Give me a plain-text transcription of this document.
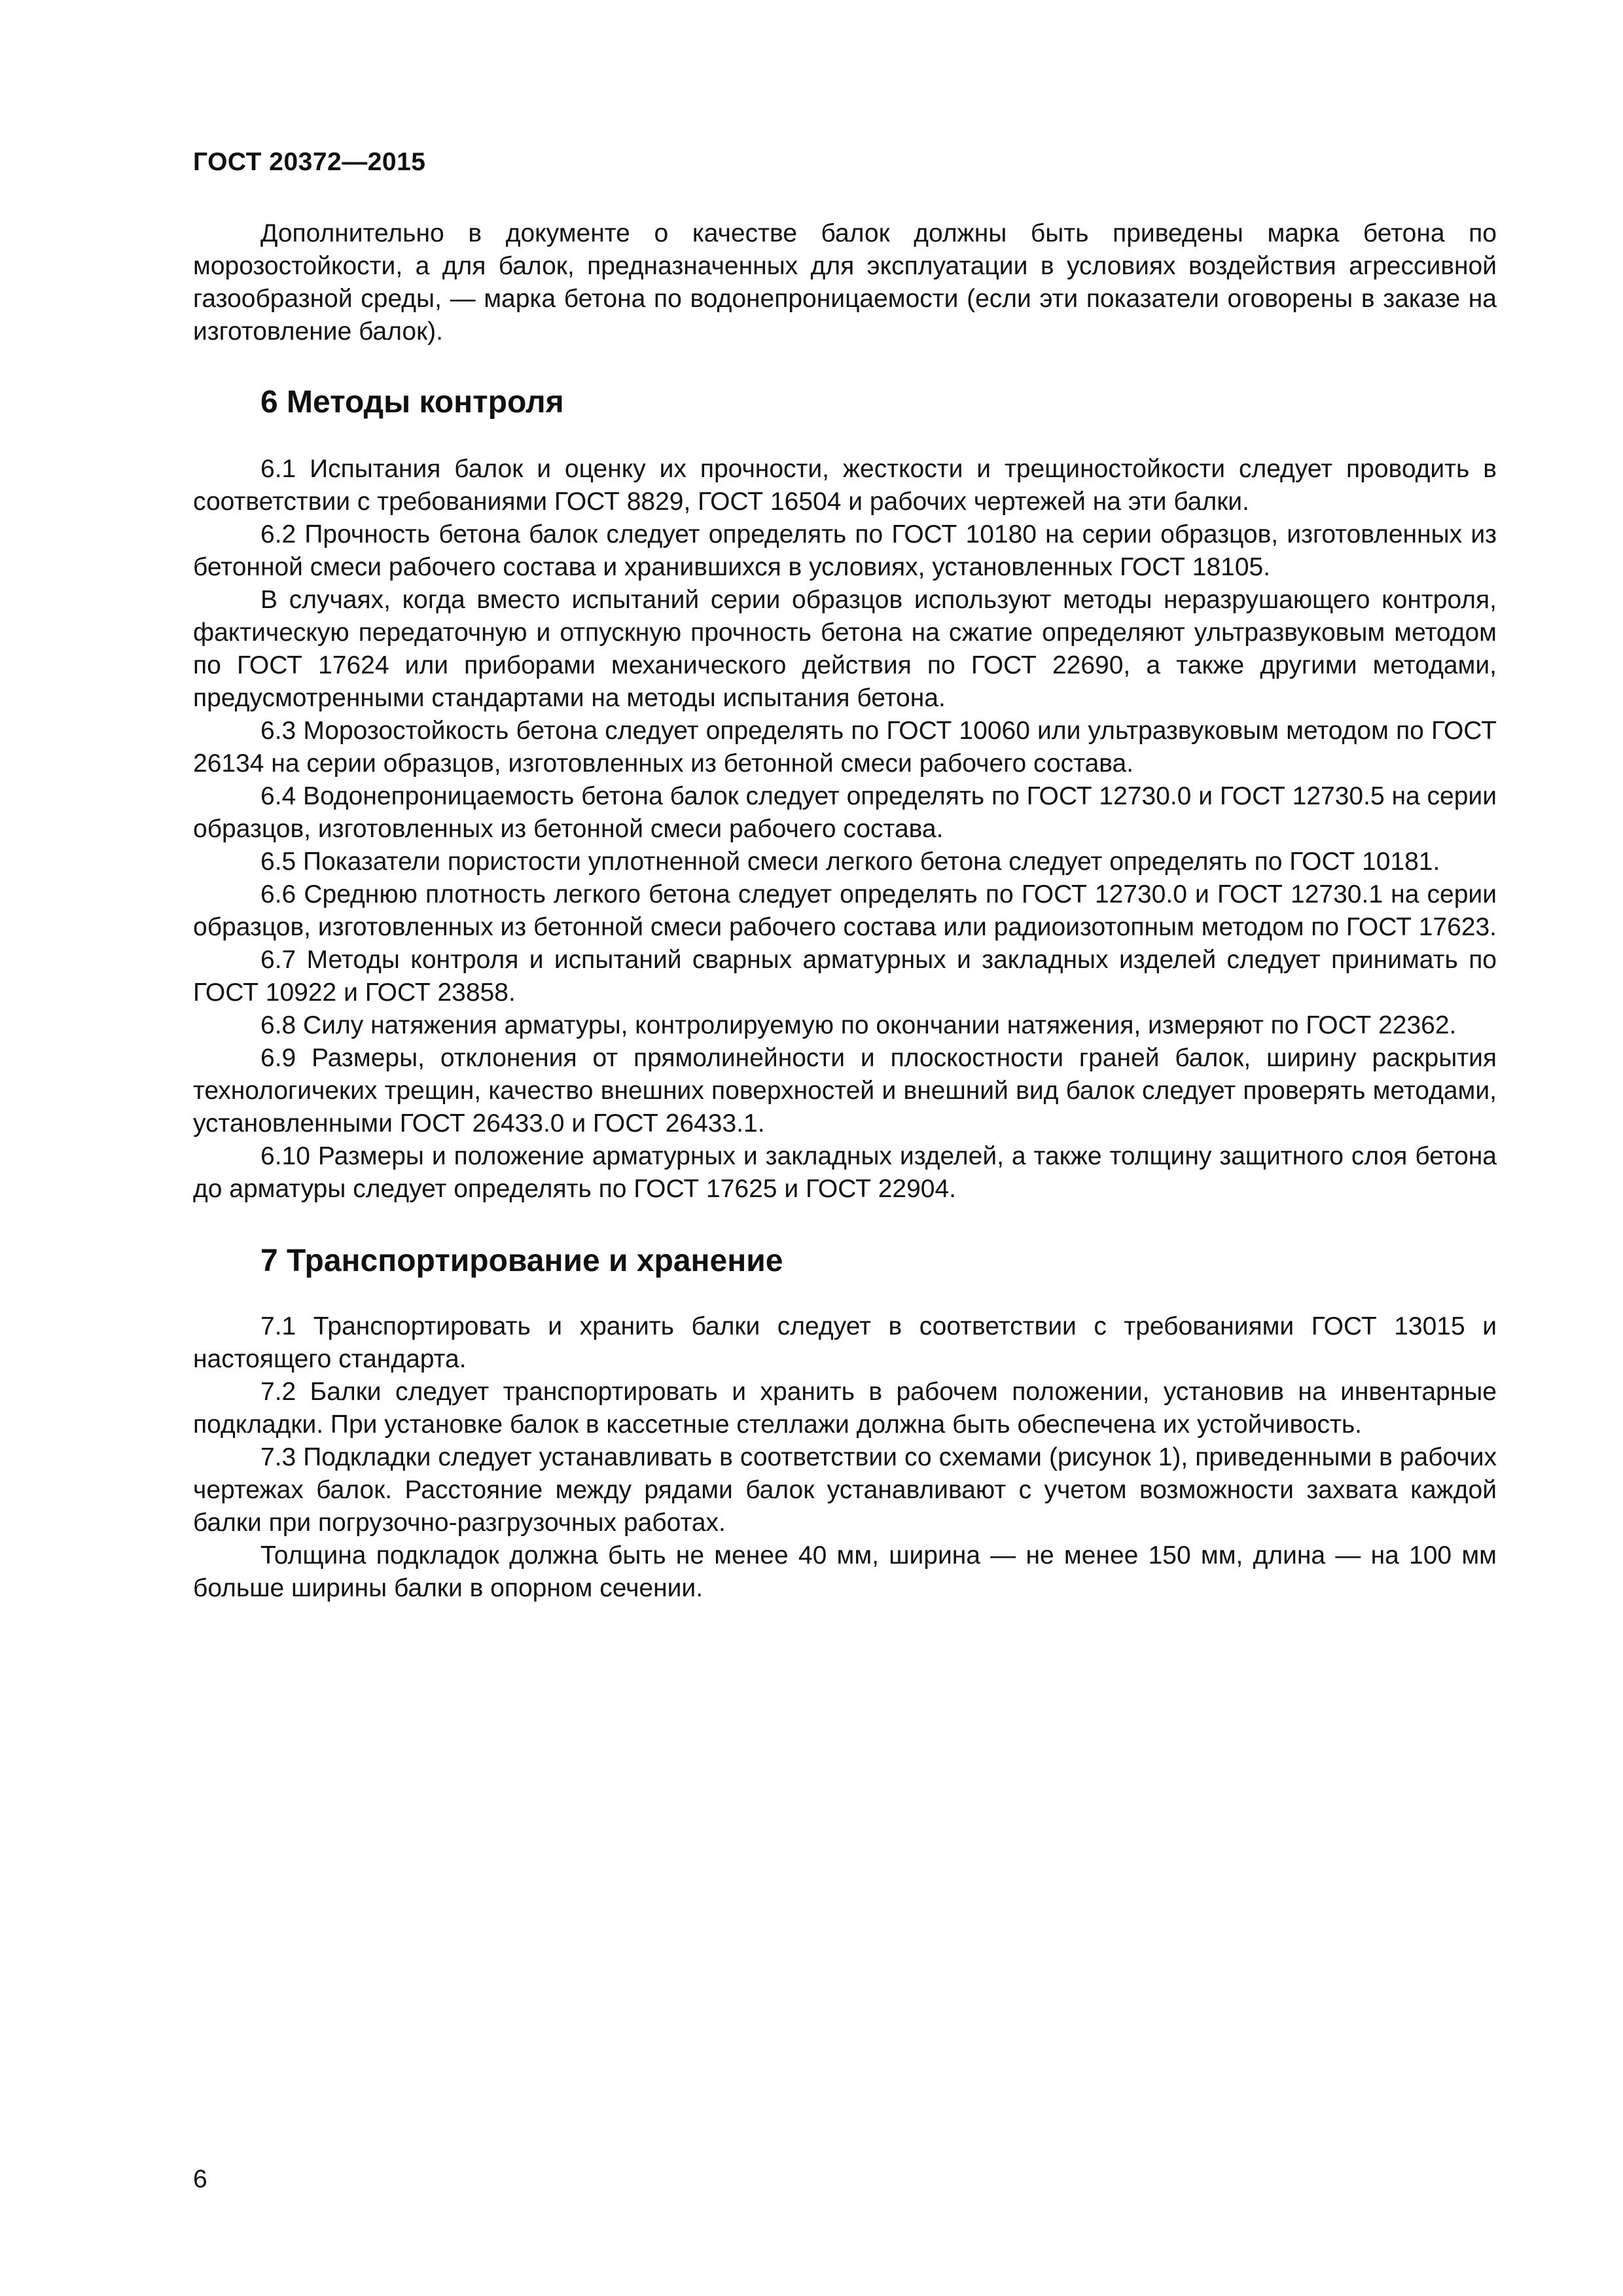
ГОСТ 20372—2015

Дополнительно в документе о качестве балок должны быть приведены марка бетона по морозостойкости, а для балок, предназначенных для эксплуатации в условиях воздействия агрессивной газообразной среды, — марка бетона по водонепроницаемости (если эти показатели оговорены в заказе на изготовление балок).

6 Методы контроля

6.1 Испытания балок и оценку их прочности, жесткости и трещиностойкости следует проводить в соответствии с требованиями ГОСТ 8829, ГОСТ 16504 и рабочих чертежей на эти балки.

6.2 Прочность бетона балок следует определять по ГОСТ 10180 на серии образцов, изготовленных из бетонной смеси рабочего состава и хранившихся в условиях, установленных ГОСТ 18105.

В случаях, когда вместо испытаний серии образцов используют методы неразрушающего контроля, фактическую передаточную и отпускную прочность бетона на сжатие определяют ультразвуковым методом по ГОСТ 17624 или приборами механического действия по ГОСТ 22690, а также другими методами, предусмотренными стандартами на методы испытания бетона.

6.3 Морозостойкость бетона следует определять по ГОСТ 10060 или ультразвуковым методом по ГОСТ 26134 на серии образцов, изготовленных из бетонной смеси рабочего состава.

6.4 Водонепроницаемость бетона балок следует определять по ГОСТ 12730.0 и ГОСТ 12730.5 на серии образцов, изготовленных из бетонной смеси рабочего состава.

6.5 Показатели пористости уплотненной смеси легкого бетона следует определять по ГОСТ 10181.

6.6 Среднюю плотность легкого бетона следует определять по ГОСТ 12730.0 и ГОСТ 12730.1 на серии образцов, изготовленных из бетонной смеси рабочего состава или радиоизотопным методом по ГОСТ 17623.

6.7 Методы контроля и испытаний сварных арматурных и закладных изделей следует принимать по ГОСТ 10922 и ГОСТ 23858.

6.8 Силу натяжения арматуры, контролируемую по окончании натяжения, измеряют по ГОСТ 22362.

6.9 Размеры, отклонения от прямолинейности и плоскостности граней балок, ширину раскрытия технологичеких трещин, качество внешних поверхностей и внешний вид балок следует проверять методами, установленными ГОСТ 26433.0 и ГОСТ 26433.1.

6.10 Размеры и положение арматурных и закладных изделей, а также толщину защитного слоя бетона до арматуры следует определять по ГОСТ 17625 и ГОСТ 22904.

7 Транспортирование и хранение

7.1 Транспортировать и хранить балки следует в соответствии с требованиями ГОСТ 13015 и настоящего стандарта.

7.2 Балки следует транспортировать и хранить в рабочем положении, установив на инвентарные подкладки. При установке балок в кассетные стеллажи должна быть обеспечена их устойчивость.

7.3 Подкладки следует устанавливать в соответствии со схемами (рисунок 1), приведенными в рабочих чертежах балок. Расстояние между рядами балок устанавливают с учетом возможности захвата каждой балки при погрузочно-разгрузочных работах.

Толщина подкладок должна быть не менее 40 мм, ширина — не менее 150 мм, длина — на 100 мм больше ширины балки в опорном сечении.

6
